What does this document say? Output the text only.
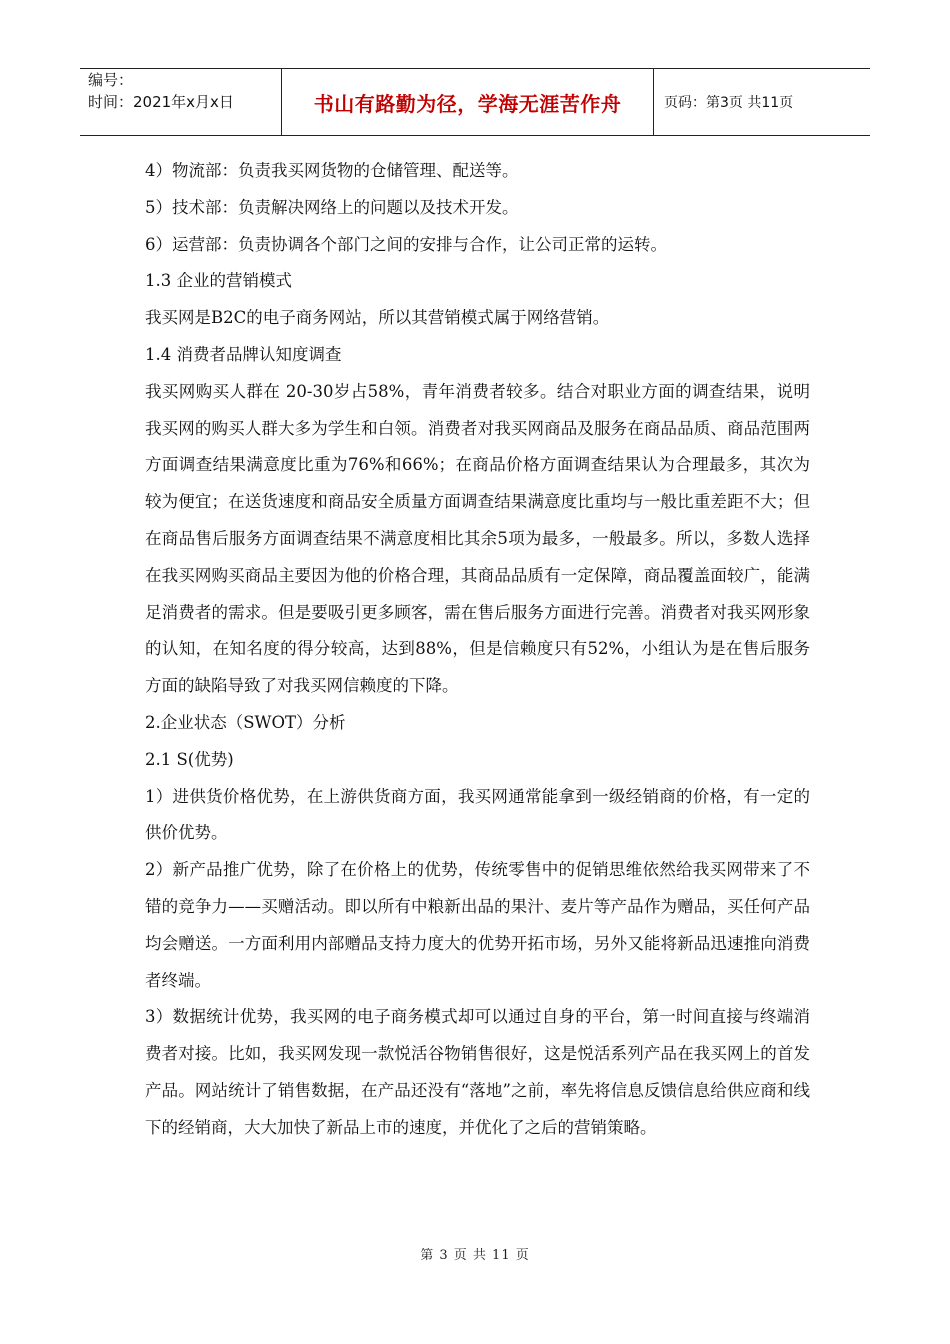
编号：
时间：2021年x月x日	书山有路勤为径，学海无涯苦作舟	页码：第3页 共11页

4）物流部：负责我买网货物的仓储管理、配送等。

5）技术部：负责解决网络上的问题以及技术开发。

6）运营部：负责协调各个部门之间的安排与合作，让公司正常的运转。

1.3 企业的营销模式

我买网是B2C的电子商务网站，所以其营销模式属于网络营销。

1.4 消费者品牌认知度调查

我买网购买人群在 20-30岁占58%，青年消费者较多。结合对职业方面的调查结果，说明我买网的购买人群大多为学生和白领。消费者对我买网商品及服务在商品品质、商品范围两方面调查结果满意度比重为76%和66%；在商品价格方面调查结果认为合理最多，其次为较为便宜；在送货速度和商品安全质量方面调查结果满意度比重均与一般比重差距不大；但在商品售后服务方面调查结果不满意度相比其余5项为最多，一般最多。所以，多数人选择在我买网购买商品主要因为他的价格合理，其商品品质有一定保障，商品覆盖面较广，能满足消费者的需求。但是要吸引更多顾客，需在售后服务方面进行完善。消费者对我买网形象的认知，在知名度的得分较高，达到88%，但是信赖度只有52%，小组认为是在售后服务方面的缺陷导致了对我买网信赖度的下降。

2.企业状态（SWOT）分析

2.1 S(优势)

1）进供货价格优势，在上游供货商方面，我买网通常能拿到一级经销商的价格，有一定的供价优势。

2）新产品推广优势，除了在价格上的优势，传统零售中的促销思维依然给我买网带来了不错的竞争力——买赠活动。即以所有中粮新出品的果汁、麦片等产品作为赠品，买任何产品均会赠送。一方面利用内部赠品支持力度大的优势开拓市场，另外又能将新品迅速推向消费者终端。

3）数据统计优势，我买网的电子商务模式却可以通过自身的平台，第一时间直接与终端消费者对接。比如，我买网发现一款悦活谷物销售很好，这是悦活系列产品在我买网上的首发产品。网站统计了销售数据，在产品还没有“落地”之前，率先将信息反馈信息给供应商和线下的经销商，大大加快了新品上市的速度，并优化了之后的营销策略。

第 3 页 共 11 页
